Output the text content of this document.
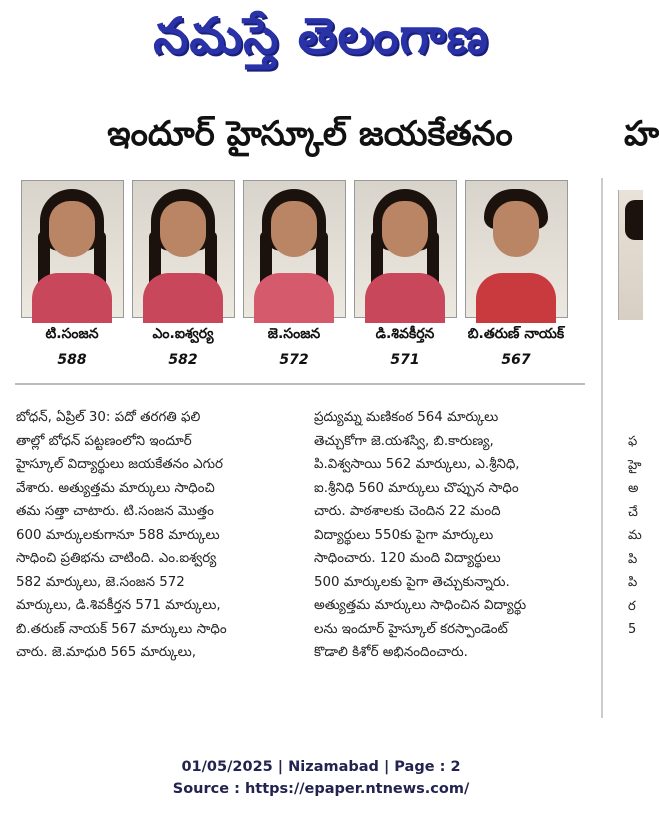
నమస్తే తెలంగాణ
ఇందూర్ హైస్కూల్ జయకేతనం	హ
టి.సంజన	ఎం.ఐశ్వర్య	జె.సంజన	డి.శివకీర్తన	బి.తరుణ్ నాయక్
588	582	572	571	567
బోధన్, ఏప్రిల్ 30: పదో తరగతి ఫలి
తాల్లో బోధన్ పట్టణంలోని ఇందూర్
హైస్కూల్ విద్యార్థులు జయకేతనం ఎగుర
వేశారు. అత్యుత్తమ మార్కులు సాధించి
తమ సత్తా చాటారు. టి.సంజన మొత్తం
600 మార్కులకుగానూ 588 మార్కులు
సాధించి ప్రతిభను చాటింది. ఎం.ఐశ్వర్య
582 మార్కులు, జె.సంజన 572
మార్కులు, డి.శివకీర్తన 571 మార్కులు,
బి.తరుణ్ నాయక్ 567 మార్కులు సాధిం
చారు. జె.మాధురి 565 మార్కులు,
ప్రద్యుమ్న మణికంఠ 564 మార్కులు
తెచ్చుకోగా జె.యశస్వి, బి.కారుణ్య,
పి.విశ్వసాయి 562 మార్కులు, ఎ.శ్రీనిధి,
ఐ.శ్రీనిధి 560 మార్కులు చొప్పున సాధిం
చారు. పాఠశాలకు చెందిన 22 మంది
విద్యార్థులు 550కు పైగా మార్కులు
సాధించారు. 120 మంది విద్యార్థులు
500 మార్కులకు పైగా తెచ్చుకున్నారు.
అత్యుత్తమ మార్కులు సాధించిన విద్యార్థు
లను ఇందూర్ హైస్కూల్ కరస్పాండెంట్
కొడాలి కిశోర్ అభినందించారు.
ఫ
హై
అ
చే
మ
పి
పి
ర
5
01/05/2025 | Nizamabad | Page : 2
Source : https://epaper.ntnews.com/
